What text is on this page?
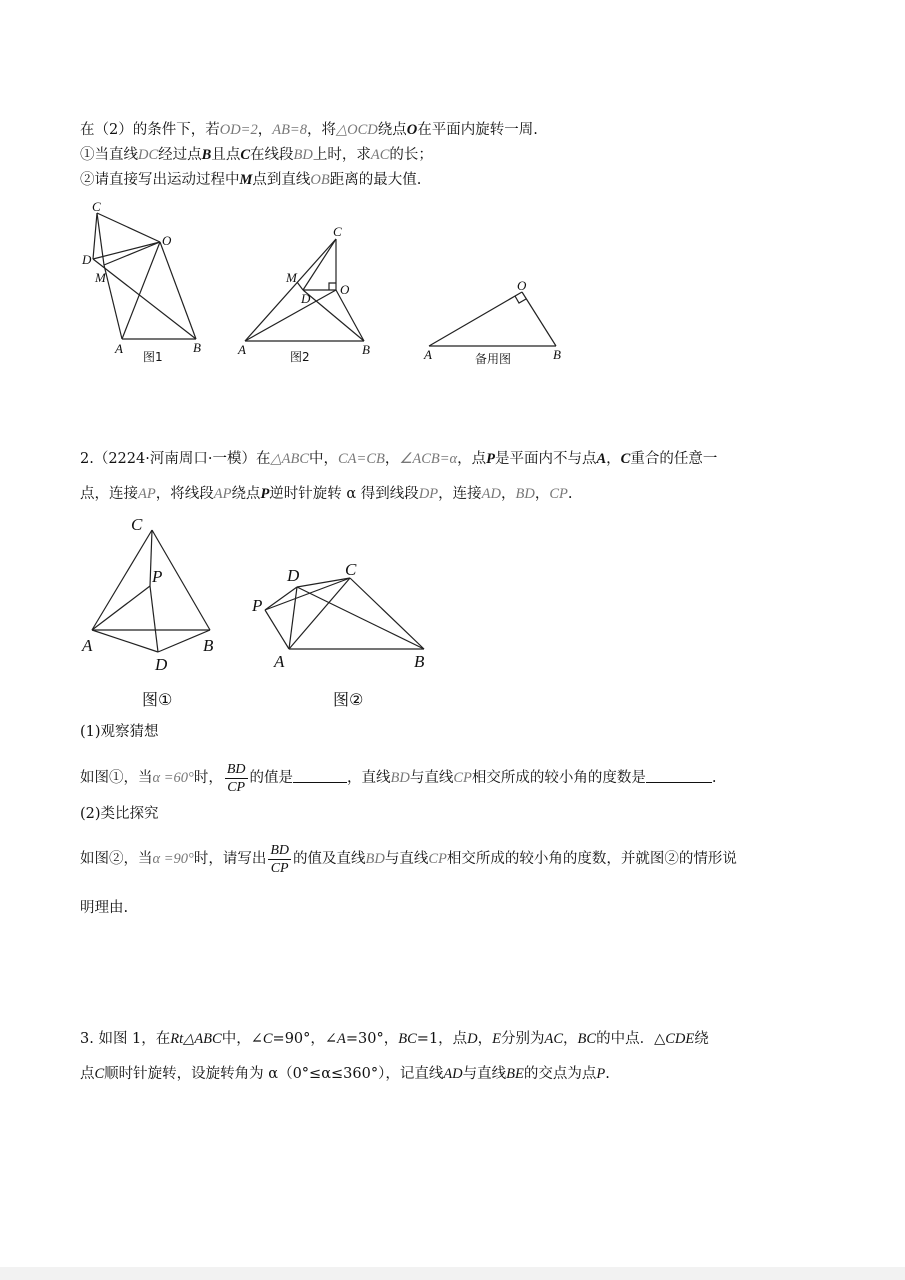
在（2）的条件下，若OD=2，AB=8，将△OCD绕点O在平面内旋转一周.
①当直线DC经过点B且点C在线段BD上时，求AC的长；
②请直接写出运动过程中M点到直线OB距离的最大值.
C
O
D
M
A	B
图1
C
M
D
O
A	B
图2
O
A	B
备用图
C
P
A	B
D
图①
D	C
P
A	B
图②
2.（2224·河南周口·一模）在△ABC中，CA=CB，∠ACB=α，点P是平面内不与点A，C重合的任意一
点，连接AP，将线段AP绕点P逆时针旋转 α 得到线段DP，连接AD，BD，CP.
(1)观察猜想
如图①，当α =60°时， $\frac{BD}{CP}$ 的值是	，直线BD与直线CP相交所成的较小角的度数是	.
(2)类比探究
如图②，当α =90°时，请写出 $\frac{BD}{CP}$ 的值及直线BD与直线CP相交所成的较小角的度数，并就图②的情形说
明理由.
3. 如图 1，在Rt△ABC中，∠C=90°，∠A=30°，BC=1，点D，E分别为AC，BC的中点．△CDE绕
点C顺时针旋转，设旋转角为 α（0°≤α≤360°），记直线AD与直线BE的交点为点P.
